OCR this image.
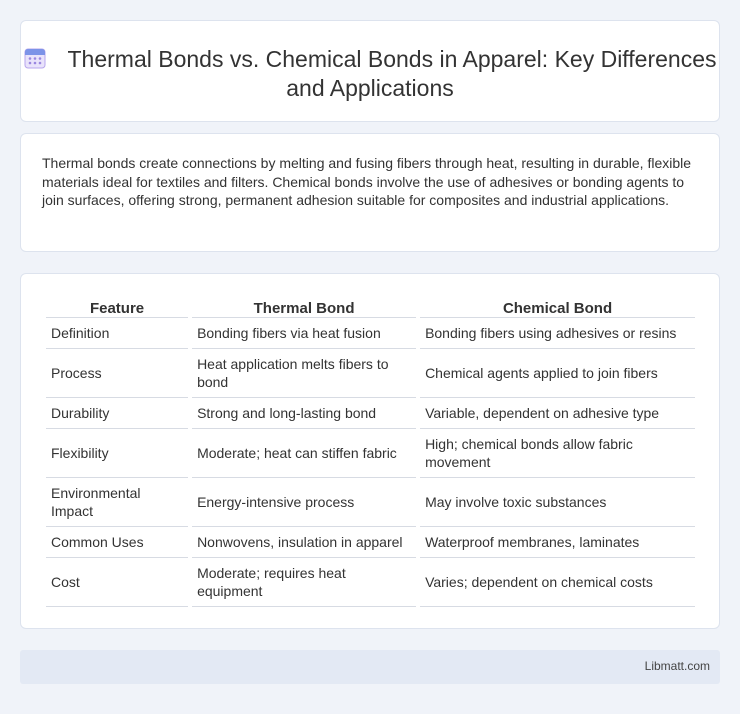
Thermal Bonds vs. Chemical Bonds in Apparel: Key Differences and Applications

Thermal bonds create connections by melting and fusing fibers through heat, resulting in durable, flexible materials ideal for textiles and filters. Chemical bonds involve the use of adhesives or bonding agents to join surfaces, offering strong, permanent adhesion suitable for composites and industrial applications.

Feature	Thermal Bond	Chemical Bond
Definition	Bonding fibers via heat fusion	Bonding fibers using adhesives or resins
Process	Heat application melts fibers to bond	Chemical agents applied to join fibers
Durability	Strong and long-lasting bond	Variable, dependent on adhesive type
Flexibility	Moderate; heat can stiffen fabric	High; chemical bonds allow fabric movement
Environmental Impact	Energy-intensive process	May involve toxic substances
Common Uses	Nonwovens, insulation in apparel	Waterproof membranes, laminates
Cost	Moderate; requires heat equipment	Varies; dependent on chemical costs
Libmatt.com
